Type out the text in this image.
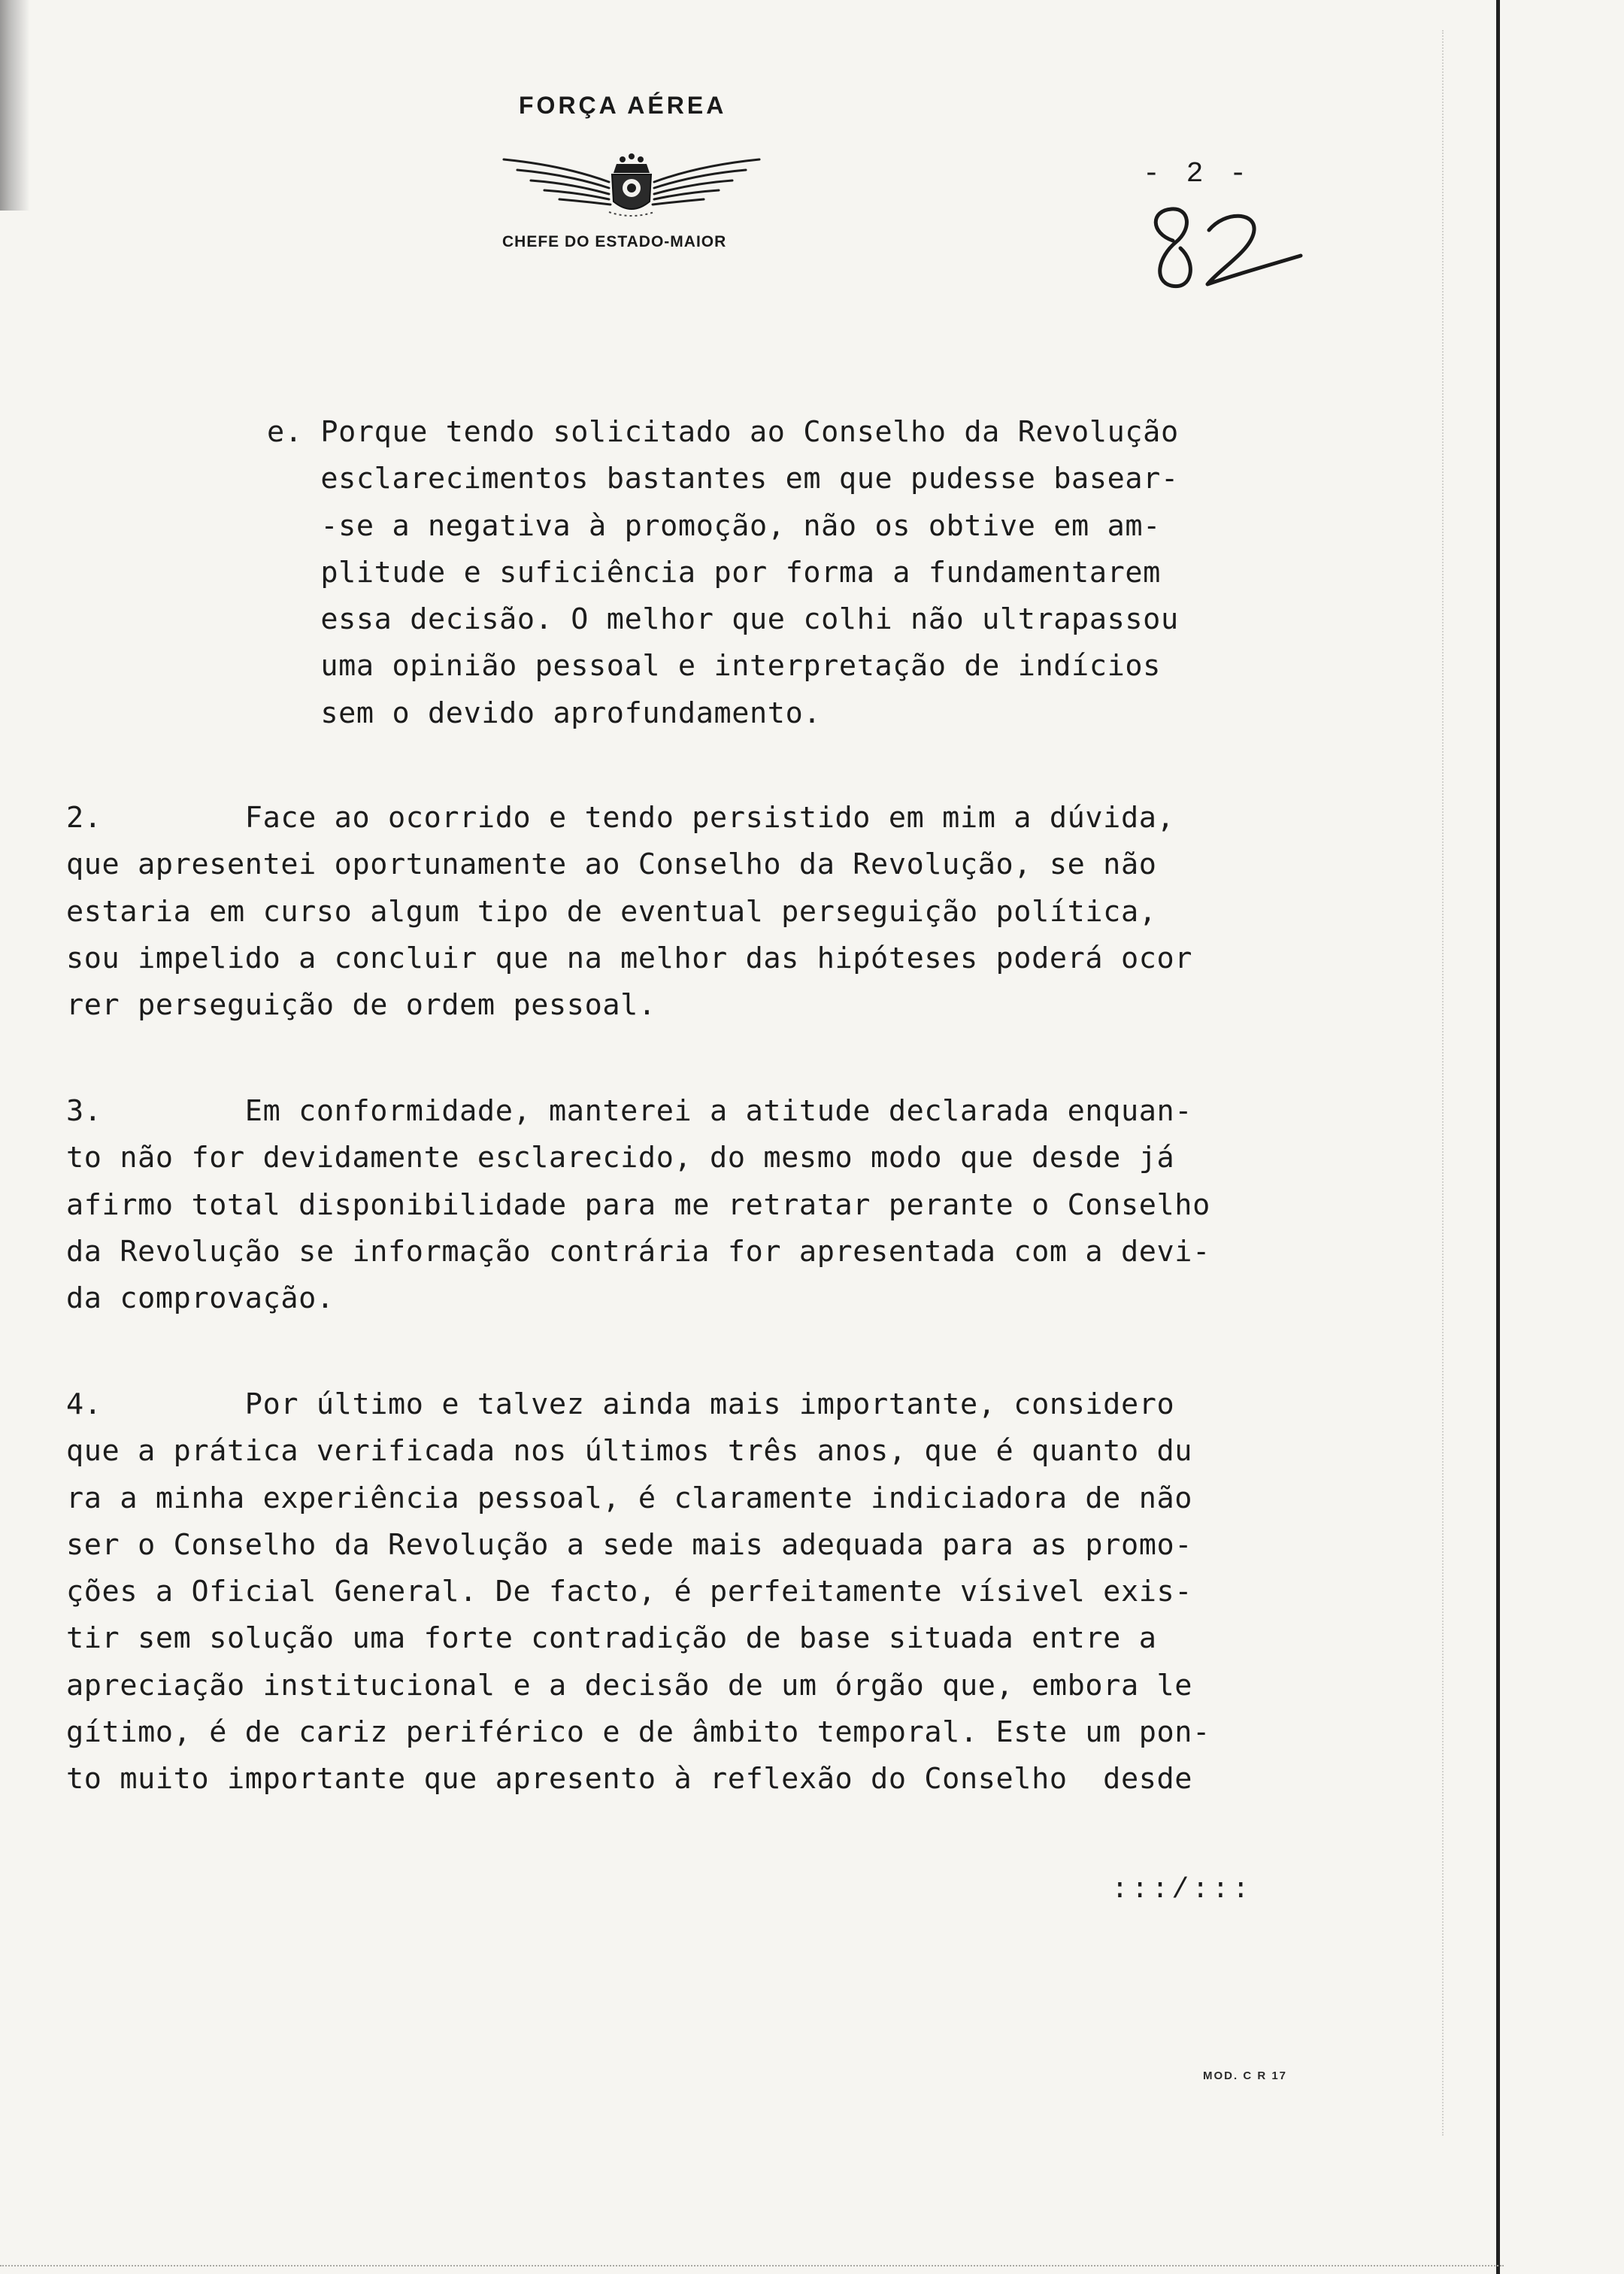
FORÇA AÉREA
CHEFE DO ESTADO-MAIOR
- 2 -
e. Porque tendo solicitado ao Conselho da Revolução
esclarecimentos bastantes em que pudesse basear-
-se a negativa à promoção, não os obtive em am-
plitude e suficiência por forma a fundamentarem
essa decisão. O melhor que colhi não ultrapassou
uma opinião pessoal e interpretação de indícios
sem o devido aprofundamento.
2.        Face ao ocorrido e tendo persistido em mim a dúvida,
que apresentei oportunamente ao Conselho da Revolução, se não
estaria em curso algum tipo de eventual perseguição política,
sou impelido a concluir que na melhor das hipóteses poderá ocor
rer perseguição de ordem pessoal.
3.        Em conformidade, manterei a atitude declarada enquan-
to não for devidamente esclarecido, do mesmo modo que desde já
afirmo total disponibilidade para me retratar perante o Conselho
da Revolução se informação contrária for apresentada com a devi-
da comprovação.
4.        Por último e talvez ainda mais importante, considero
que a prática verificada nos últimos três anos, que é quanto du
ra a minha experiência pessoal, é claramente indiciadora de não
ser o Conselho da Revolução a sede mais adequada para as promo-
ções a Oficial General. De facto, é perfeitamente vísivel exis-
tir sem solução uma forte contradição de base situada entre a
apreciação institucional e a decisão de um órgão que, embora le
gítimo, é de cariz periférico e de âmbito temporal. Este um pon-
to muito importante que apresento à reflexão do Conselho  desde
:::/:::
MOD. C R 17
